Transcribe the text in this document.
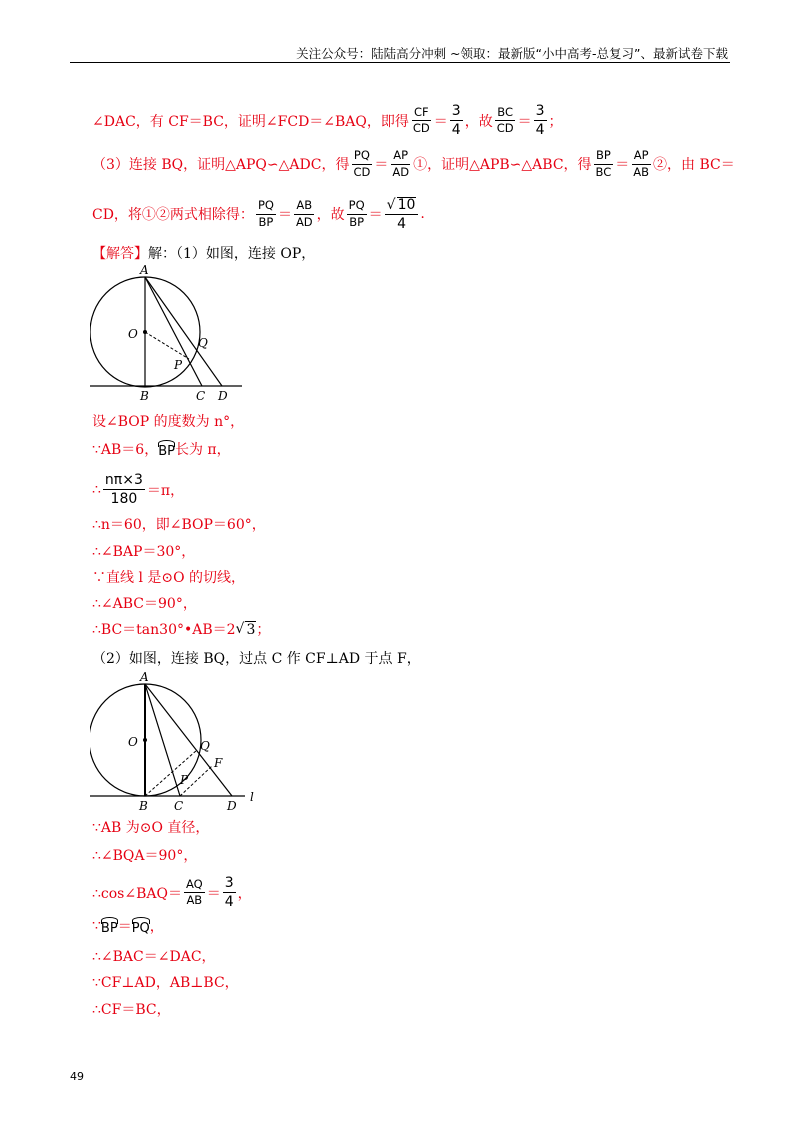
关注公众号：陆陆高分冲刺 ~领取：最新版“小中高考-总复习”、最新试卷下载
∠DAC，有 CF＝BC，证明∠FCD＝∠BAQ，即得 $\frac{CF}{CD} = \frac{3}{4}$ ，故 $\frac{BC}{CD} = \frac{3}{4}$ ；
（3）连接 BQ，证明△APQ∽△ADC，得 $\frac{PQ}{CD} = \frac{AP}{AD}$ ①，证明△APB∽△ABC，得 $\frac{BP}{BC} = \frac{AP}{AB}$ ②，由 BC＝
CD，将①②两式相除得： $\frac{PQ}{BP} = \frac{AB}{AD}$ ，故 $\frac{PQ}{BP} = \frac{√ 10}{4}$ .
【解答】 解：（1）如图，连接 OP，
A
O
Q
P
B	C D
设∠BOP 的度数为 n°，
∵AB＝6， BP 长为 π，
∴ $\frac{n\pi\times 3}{180} =\pi$，
∴n＝60，即∠BOP＝60°，
∴∠BAP＝30°，
∵直线 l 是⊙O 的切线，
∴∠ABC＝90°，
∴BC＝tan30°•AB＝2 √ 3 ；
（2）如图，连接 BQ，过点 C 作 CF⊥AD 于点 F，
A
O	Q
F
P
B C	D
l
∵AB 为⊙O 直径，
∴∠BQA＝90°，
∴cos∠BAQ＝ $\frac{AQ}{AB} = \frac{3}{4}$ ，
∵ BP ＝ PQ ，
∴∠BAC＝∠DAC，
∵CF⊥AD，AB⊥BC，
∴CF＝BC，
49
